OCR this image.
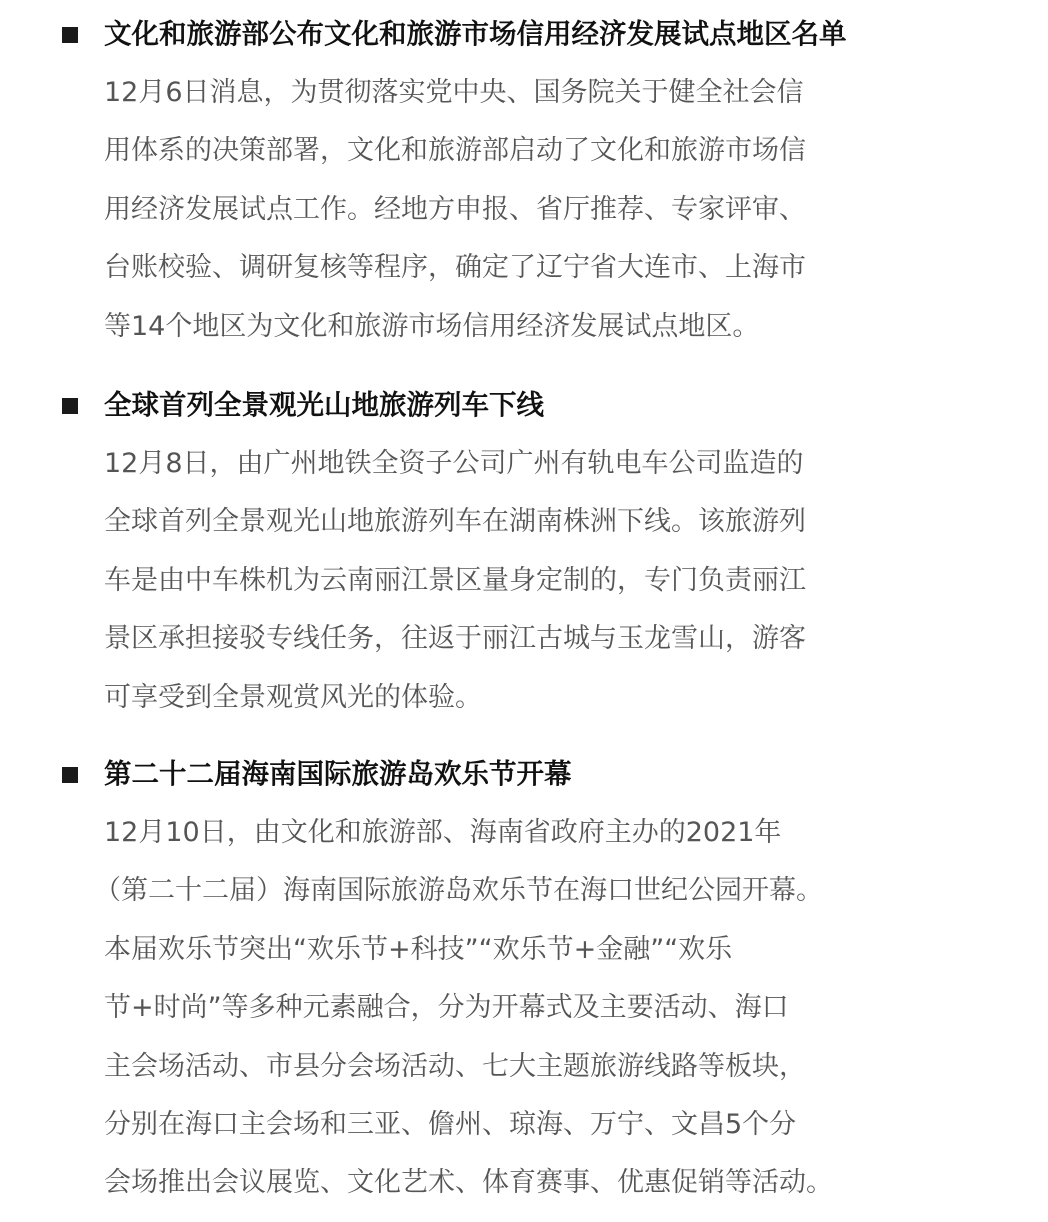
文化和旅游部公布文化和旅游市场信用经济发展试点地区名单
12月6日消息，为贯彻落实党中央、国务院关于健全社会信
用体系的决策部署，文化和旅游部启动了文化和旅游市场信
用经济发展试点工作。经地方申报、省厅推荐、专家评审、
台账校验、调研复核等程序，确定了辽宁省大连市、上海市
等14个地区为文化和旅游市场信用经济发展试点地区。
全球首列全景观光山地旅游列车下线
12月8日，由广州地铁全资子公司广州有轨电车公司监造的
全球首列全景观光山地旅游列车在湖南株洲下线。该旅游列
车是由中车株机为云南丽江景区量身定制的，专门负责丽江
景区承担接驳专线任务，往返于丽江古城与玉龙雪山，游客
可享受到全景观赏风光的体验。
第二十二届海南国际旅游岛欢乐节开幕
12月10日，由文化和旅游部、海南省政府主办的2021年
（第二十二届）海南国际旅游岛欢乐节在海口世纪公园开幕。
本届欢乐节突出“欢乐节+科技”“欢乐节+金融”“欢乐
节+时尚”等多种元素融合，分为开幕式及主要活动、海口
主会场活动、市县分会场活动、七大主题旅游线路等板块，
分别在海口主会场和三亚、儋州、琼海、万宁、文昌5个分
会场推出会议展览、文化艺术、体育赛事、优惠促销等活动。
